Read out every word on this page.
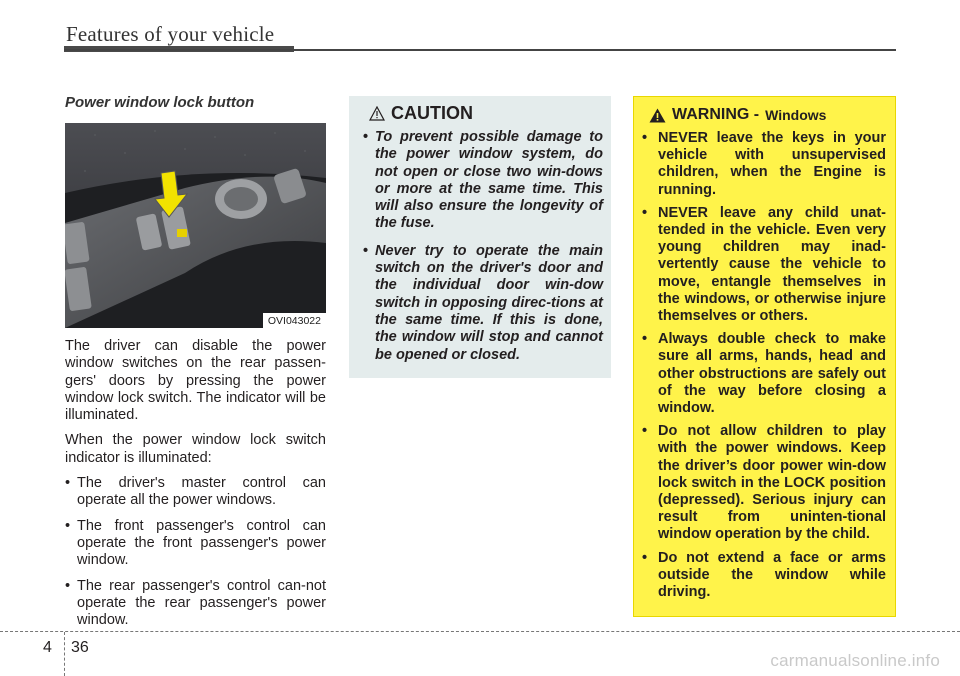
Features of your vehicle
Power window lock button
OVI043022

The driver can disable the power window switches on the rear passen-gers' doors by pressing the power window lock switch. The indicator will be illuminated.

When the power window lock switch indicator is illuminated:

• The driver's master control can operate all the power windows.
• The front passenger's control can operate the front passenger's power window.
• The rear passenger's control can-not operate the rear passenger's power window.
CAUTION
• To prevent possible damage to the power window system, do not open or close two win-dows or more at the same time. This will also ensure the longevity of the fuse.
• Never try to operate the main switch on the driver's door and the individual door win-dow switch in opposing direc-tions at the same time. If this is done, the window will stop and cannot be opened or closed.
WARNING - Windows
• NEVER leave the keys in your vehicle with unsupervised children, when the Engine is running.
• NEVER leave any child unat-tended in the vehicle. Even very young children may inad-vertently cause the vehicle to move, entangle themselves in the windows, or otherwise injure themselves or others.
• Always double check to make sure all arms, hands, head and other obstructions are safely out of the way before closing a window.
• Do not allow children to play with the power windows. Keep the driver’s door power win-dow lock switch in the LOCK position (depressed). Serious injury can result from uninten-tional window operation by the child.
• Do not extend a face or arms outside the window while driving.
4 36
carmanualsonline.info
